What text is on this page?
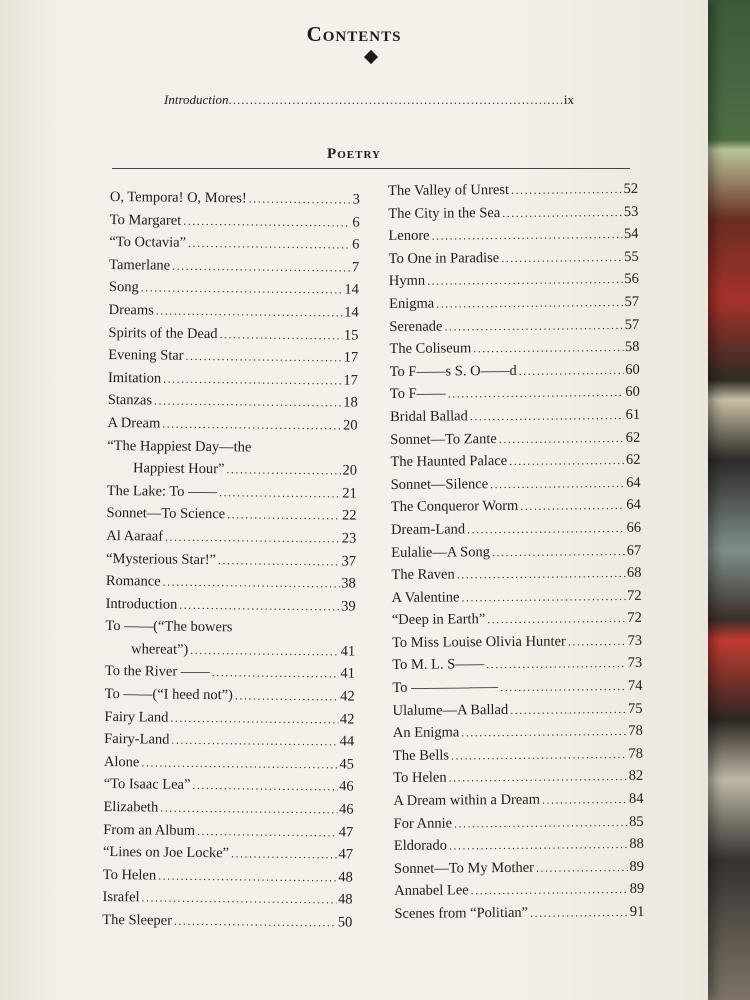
Contents
Introduction .....	ix
Poetry
O, Tempora! O, Mores! .....	3
To Margaret .....	6
“To Octavia” .....	6
Tamerlane .....	7
Song .....	14
Dreams .....	14
Spirits of the Dead .....	15
Evening Star .....	17
Imitation .....	17
Stanzas .....	18
A Dream .....	20
“The Happiest Day—the
Happiest Hour” .....	20
The Lake: To —— .....	21
Sonnet—To Science .....	22
Al Aaraaf .....	23
“Mysterious Star!” .....	37
Romance .....	38
Introduction .....	39
To ——(“The bowers
whereat”) .....	41
To the River —— .....	41
To ——(“I heed not”) .....	42
Fairy Land .....	42
Fairy-Land .....	44
Alone .....	45
“To Isaac Lea” .....	46
Elizabeth .....	46
From an Album .....	47
“Lines on Joe Locke” .....	47
To Helen .....	48
Israfel .....	48
The Sleeper .....	50
The Valley of Unrest .....	52
The City in the Sea .....	53
Lenore .....	54
To One in Paradise .....	55
Hymn .....	56
Enigma .....	57
Serenade .....	57
The Coliseum .....	58
To F——s S. O——d .....	60
To F—— .....	60
Bridal Ballad .....	61
Sonnet—To Zante .....	62
The Haunted Palace .....	62
Sonnet—Silence .....	64
The Conqueror Worm .....	64
Dream-Land .....	66
Eulalie—A Song .....	67
The Raven .....	68
A Valentine .....	72
“Deep in Earth” .....	72
To Miss Louise Olivia Hunter .....	73
To M. L. S—— .....	73
To —————— .....	74
Ulalume—A Ballad .....	75
An Enigma .....	78
The Bells .....	78
To Helen .....	82
A Dream within a Dream .....	84
For Annie .....	85
Eldorado .....	88
Sonnet—To My Mother .....	89
Annabel Lee .....	89
Scenes from “Politian” .....	91
